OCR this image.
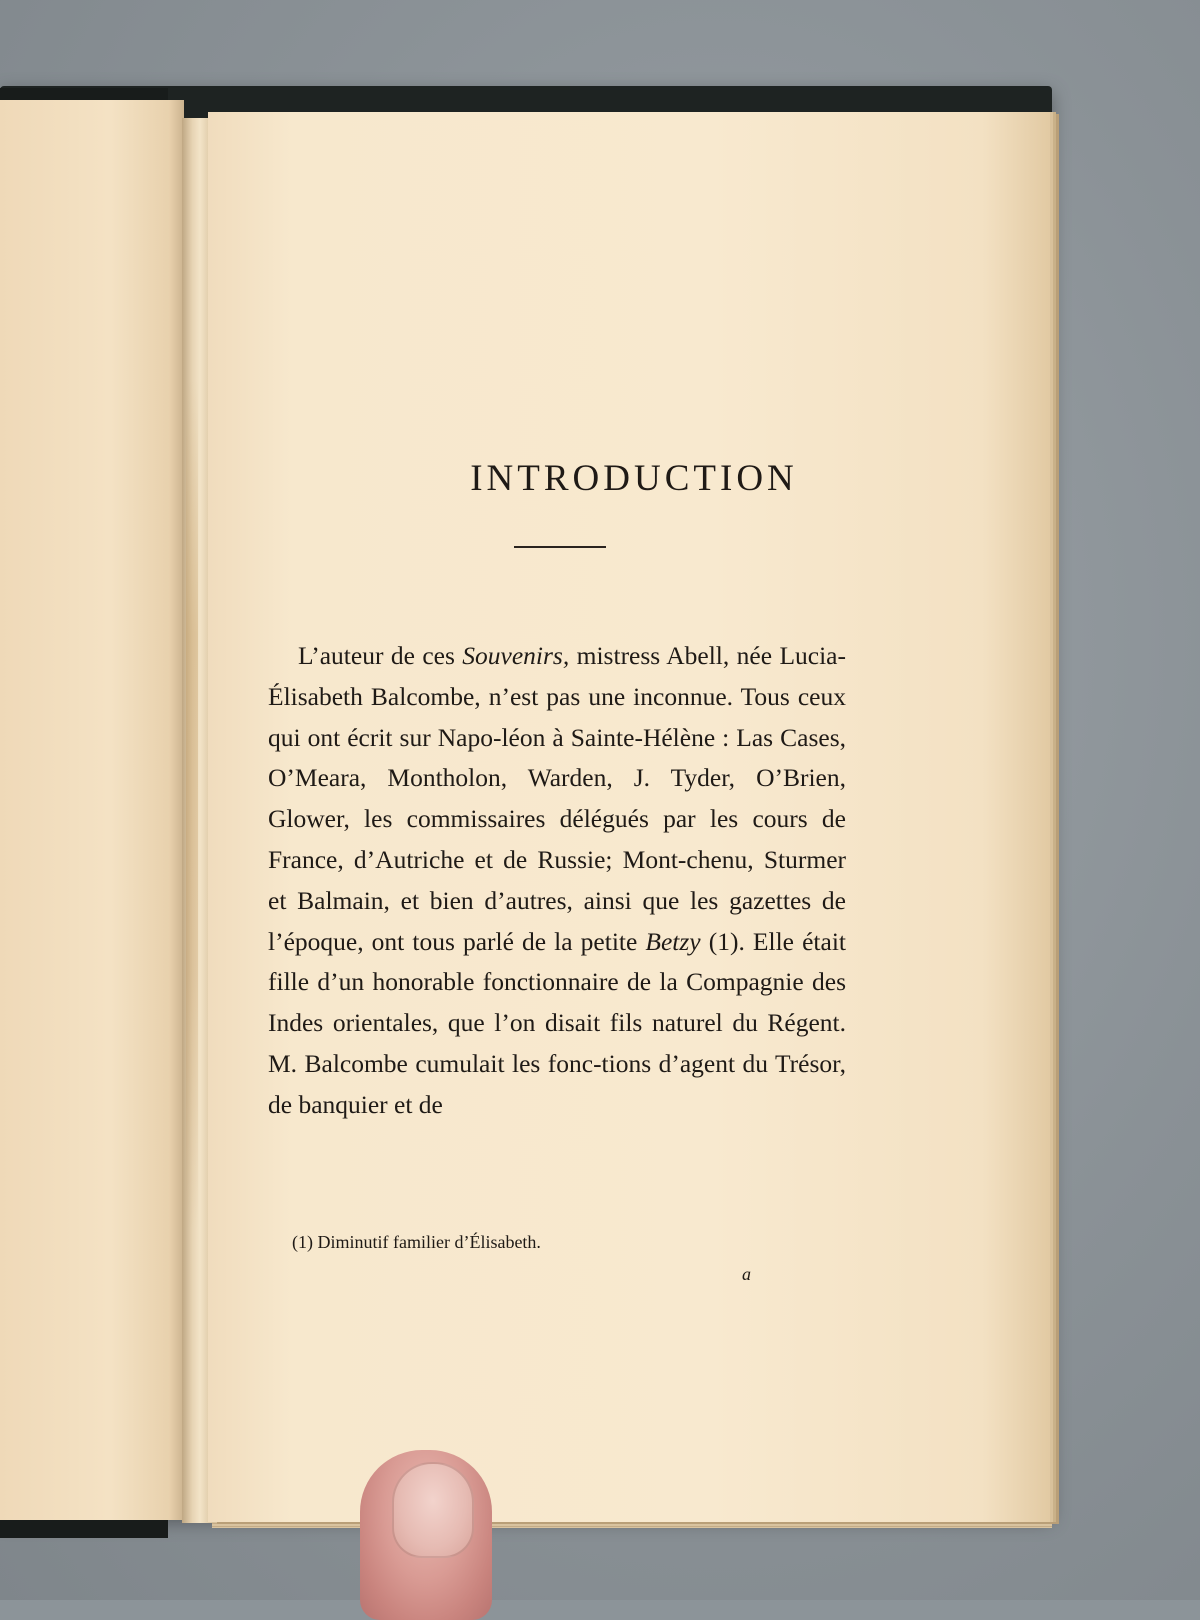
INTRODUCTION

L’auteur de ces Souvenirs, mistress Abell, née Lucia-Élisabeth Balcombe, n’est pas une inconnue. Tous ceux qui ont écrit sur Napo-léon à Sainte-Hélène : Las Cases, O’Meara, Montholon, Warden, J. Tyder, O’Brien, Glower, les commissaires délégués par les cours de France, d’Autriche et de Russie; Mont-chenu, Sturmer et Balmain, et bien d’autres, ainsi que les gazettes de l’époque, ont tous parlé de la petite Betzy (1). Elle était fille d’un honorable fonctionnaire de la Compagnie des Indes orientales, que l’on disait fils naturel du Régent. M. Balcombe cumulait les fonc-tions d’agent du Trésor, de banquier et de

(1) Diminutif familier d’Élisabeth.

a
